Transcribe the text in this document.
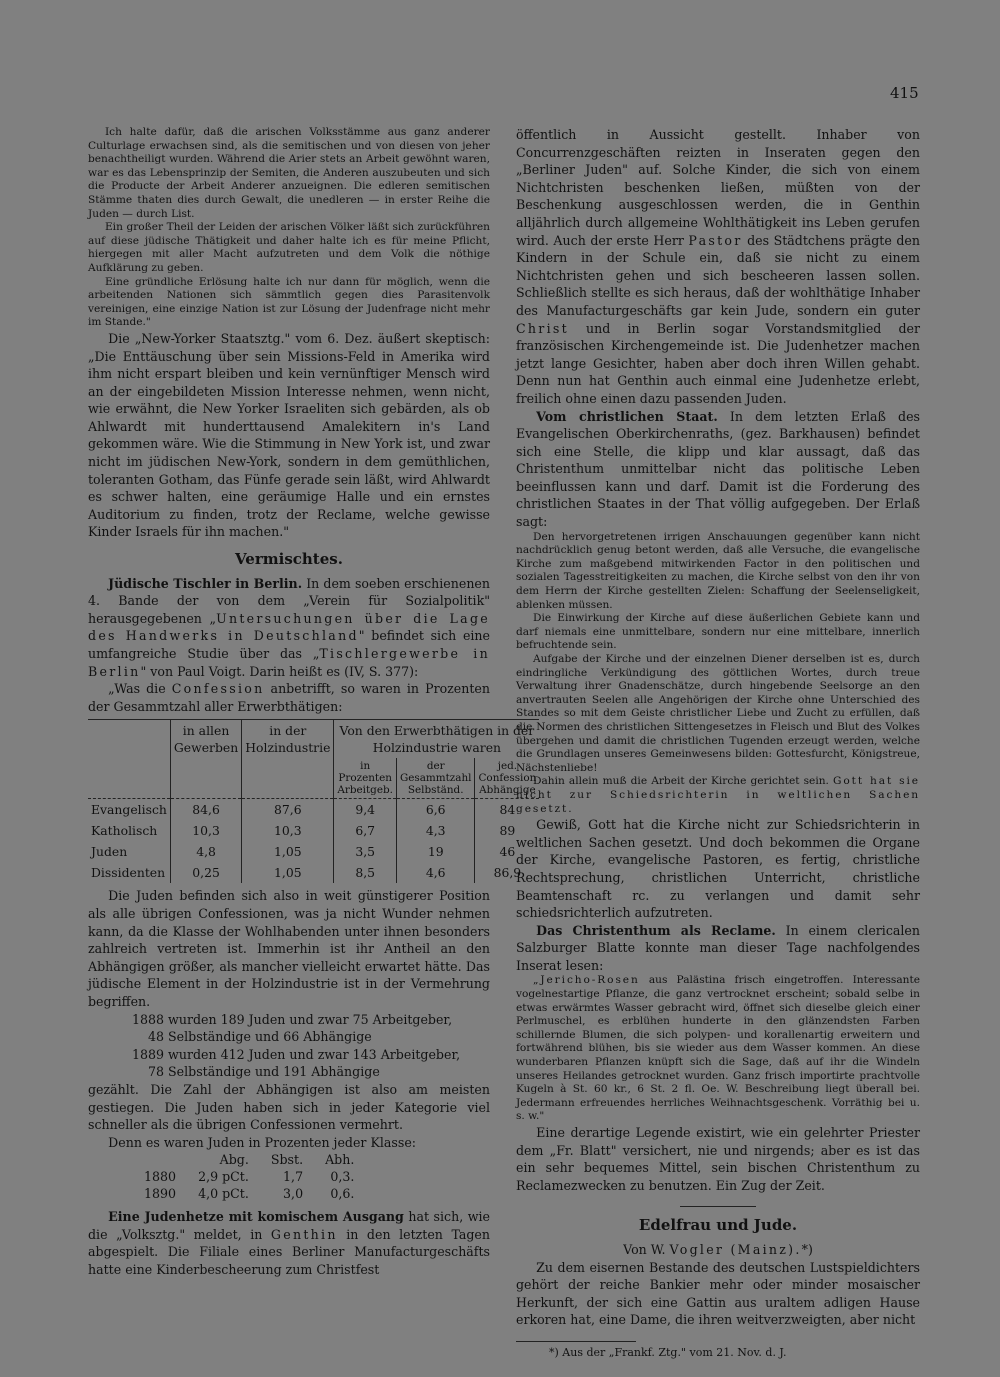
415

Ich halte dafür, daß die arischen Volksstämme aus ganz anderer Culturlage erwachsen sind, als die semitischen und von diesen von jeher benachtheiligt wurden. Während die Arier stets an Arbeit gewöhnt waren, war es das Lebensprinzip der Semiten, die Anderen auszubeuten und sich die Producte der Arbeit Anderer anzueignen. Die edleren semitischen Stämme thaten dies durch Gewalt, die unedleren — in erster Reihe die Juden — durch List.

Ein großer Theil der Leiden der arischen Völker läßt sich zurückführen auf diese jüdische Thätigkeit und daher halte ich es für meine Pflicht, hiergegen mit aller Macht aufzutreten und dem Volk die nöthige Aufklärung zu geben.

Eine gründliche Erlösung halte ich nur dann für möglich, wenn die arbeitenden Nationen sich sämmtlich gegen dies Parasitenvolk vereinigen, eine einzige Nation ist zur Lösung der Judenfrage nicht mehr im Stande."

Die „New-Yorker Staatsztg." vom 6. Dez. äußert skeptisch: „Die Enttäuschung über sein Missions-Feld in Amerika wird ihm nicht erspart bleiben und kein vernünftiger Mensch wird an der eingebildeten Mission Interesse nehmen, wenn nicht, wie erwähnt, die New Yorker Israeliten sich gebärden, als ob Ahlwardt mit hunderttausend Amalekitern in's Land gekommen wäre. Wie die Stimmung in New York ist, und zwar nicht im jüdischen New-York, sondern in dem gemüthlichen, toleranten Gotham, das Fünfe gerade sein läßt, wird Ahlwardt es schwer halten, eine geräumige Halle und ein ernstes Auditorium zu finden, trotz der Reclame, welche gewisse Kinder Israels für ihn machen."

Vermischtes.

Jüdische Tischler in Berlin. In dem soeben erschienenen 4. Bande der von dem „Verein für Sozialpolitik" herausgegebenen „Untersuchungen über die Lage des Handwerks in Deutschland" befindet sich eine umfangreiche Studie über das „Tischlergewerbe in Berlin" von Paul Voigt. Darin heißt es (IV, S. 377):

„Was die Confession anbetrifft, so waren in Prozenten der Gesammtzahl aller Erwerbthätigen:

	in allen Gewerben	in der Holzindustrie	Von den Erwerbthätigen in der Holzindustrie waren		
			in Prozenten Arbeitgeb.	der Gesammtzahl Selbständ.	jed. Confession Abhängige
Evangelisch	84,6	87,6	9,4	6,6	84
Katholisch	10,3	10,3	6,7	4,3	89
Juden	4,8	1,05	3,5	19	46
Dissidenten	0,25	1,05	8,5	4,6	86,9

Die Juden befinden sich also in weit günstigerer Position als alle übrigen Confessionen, was ja nicht Wunder nehmen kann, da die Klasse der Wohlhabenden unter ihnen besonders zahlreich vertreten ist. Immerhin ist ihr Antheil an den Abhängigen größer, als mancher vielleicht erwartet hätte. Das jüdische Element in der Holzindustrie ist in der Vermehrung begriffen.

1888 wurden 189 Juden und zwar 75 Arbeitgeber,

48 Selbständige und 66 Abhängige

1889 wurden 412 Juden und zwar 143 Arbeitgeber,

78 Selbständige und 191 Abhängige

gezählt. Die Zahl der Abhängigen ist also am meisten gestiegen. Die Juden haben sich in jeder Kategorie viel schneller als die übrigen Confessionen vermehrt.

Denn es waren Juden in Prozenten jeder Klasse:

	Abg.	Sbst.	Abh.
1880	2,9 pCt.	1,7	0,3.
1890	4,0 pCt.	3,0	0,6.

Eine Judenhetze mit komischem Ausgang hat sich, wie die „Volksztg." meldet, in Genthin in den letzten Tagen abgespielt. Die Filiale eines Berliner Manufacturgeschäfts hatte eine Kinderbescheerung zum Christfest

öffentlich in Aussicht gestellt. Inhaber von Concurrenzgeschäften reizten in Inseraten gegen den „Berliner Juden" auf. Solche Kinder, die sich von einem Nichtchristen beschenken ließen, müßten von der Beschenkung ausgeschlossen werden, die in Genthin alljährlich durch allgemeine Wohlthätigkeit ins Leben gerufen wird. Auch der erste Herr Pastor des Städtchens prägte den Kindern in der Schule ein, daß sie nicht zu einem Nichtchristen gehen und sich bescheeren lassen sollen. Schließlich stellte es sich heraus, daß der wohlthätige Inhaber des Manufacturgeschäfts gar kein Jude, sondern ein guter Christ und in Berlin sogar Vorstandsmitglied der französischen Kirchengemeinde ist. Die Judenhetzer machen jetzt lange Gesichter, haben aber doch ihren Willen gehabt. Denn nun hat Genthin auch einmal eine Judenhetze erlebt, freilich ohne einen dazu passenden Juden.

Vom christlichen Staat. In dem letzten Erlaß des Evangelischen Oberkirchenraths, (gez. Barkhausen) befindet sich eine Stelle, die klipp und klar aussagt, daß das Christenthum unmittelbar nicht das politische Leben beeinflussen kann und darf. Damit ist die Forderung des christlichen Staates in der That völlig aufgegeben. Der Erlaß sagt:

Den hervorgetretenen irrigen Anschauungen gegenüber kann nicht nachdrücklich genug betont werden, daß alle Versuche, die evangelische Kirche zum maßgebend mitwirkenden Factor in den politischen und sozialen Tagesstreitigkeiten zu machen, die Kirche selbst von den ihr von dem Herrn der Kirche gestellten Zielen: Schaffung der Seelenseligkeit, ablenken müssen.

Die Einwirkung der Kirche auf diese äußerlichen Gebiete kann und darf niemals eine unmittelbare, sondern nur eine mittelbare, innerlich befruchtende sein.

Aufgabe der Kirche und der einzelnen Diener derselben ist es, durch eindringliche Verkündigung des göttlichen Wortes, durch treue Verwaltung ihrer Gnadenschätze, durch hingebende Seelsorge an den anvertrauten Seelen alle Angehörigen der Kirche ohne Unterschied des Standes so mit dem Geiste christlicher Liebe und Zucht zu erfüllen, daß die Normen des christlichen Sittengesetzes in Fleisch und Blut des Volkes übergehen und damit die christlichen Tugenden erzeugt werden, welche die Grundlagen unseres Gemeinwesens bilden: Gottesfurcht, Königstreue, Nächstenliebe!

Dahin allein muß die Arbeit der Kirche gerichtet sein. Gott hat sie nicht zur Schiedsrichterin in weltlichen Sachen gesetzt.

Gewiß, Gott hat die Kirche nicht zur Schiedsrichterin in weltlichen Sachen gesetzt. Und doch bekommen die Organe der Kirche, evangelische Pastoren, es fertig, christliche Rechtsprechung, christlichen Unterricht, christliche Beamtenschaft rc. zu verlangen und damit sehr schiedsrichterlich aufzutreten.

Das Christenthum als Reclame. In einem clericalen Salzburger Blatte konnte man dieser Tage nachfolgendes Inserat lesen:

„Jericho-Rosen aus Palästina frisch eingetroffen. Interessante vogelnestartige Pflanze, die ganz vertrocknet erscheint; sobald selbe in etwas erwärmtes Wasser gebracht wird, öffnet sich dieselbe gleich einer Perlmuschel, es erblühen hunderte in den glänzendsten Farben schillernde Blumen, die sich polypen- und korallenartig erweitern und fortwährend blühen, bis sie wieder aus dem Wasser kommen. An diese wunderbaren Pflanzen knüpft sich die Sage, daß auf ihr die Windeln unseres Heilandes getrocknet wurden. Ganz frisch importirte prachtvolle Kugeln à St. 60 kr., 6 St. 2 fl. Oe. W. Beschreibung liegt überall bei. Jedermann erfreuendes herrliches Weihnachtsgeschenk. Vorräthig bei u. s. w."

Eine derartige Legende existirt, wie ein gelehrter Priester dem „Fr. Blatt" versichert, nie und nirgends; aber es ist das ein sehr bequemes Mittel, sein bischen Christenthum zu Reclamezwecken zu benutzen. Ein Zug der Zeit.

Edelfrau und Jude.

Von W. Vogler (Mainz).*)

Zu dem eisernen Bestande des deutschen Lustspieldichters gehört der reiche Bankier mehr oder minder mosaischer Herkunft, der sich eine Gattin aus uraltem adligen Hause erkoren hat, eine Dame, die ihren weitverzweigten, aber nicht

*) Aus der „Frankf. Ztg." vom 21. Nov. d. J.
